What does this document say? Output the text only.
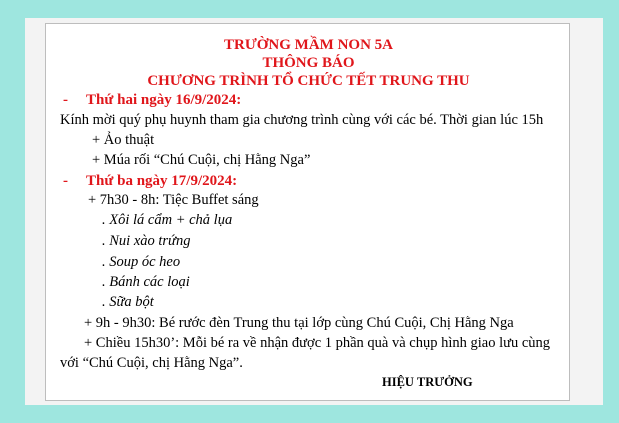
TRƯỜNG MẦM NON 5A
THÔNG BÁO
CHƯƠNG TRÌNH TỔ CHỨC TẾT TRUNG THU
- Thứ hai ngày 16/9/2024:
Kính mời quý phụ huynh tham gia chương trình cùng với các bé. Thời gian lúc 15h
+ Ảo thuật
+ Múa rối “Chú Cuội, chị Hằng Nga”
- Thứ ba ngày 17/9/2024:
+ 7h30 - 8h: Tiệc Buffet sáng
. Xôi lá cẩm + chả lụa
. Nui xào trứng
. Soup óc heo
. Bánh các loại
. Sữa bột
+ 9h - 9h30: Bé rước đèn Trung thu tại lớp cùng Chú Cuội, Chị Hằng Nga
+ Chiều 15h30’: Mỗi bé ra về nhận được 1 phần quà và chụp hình giao lưu cùng
với “Chú Cuội, chị Hằng Nga”.
HIỆU TRƯỞNG
